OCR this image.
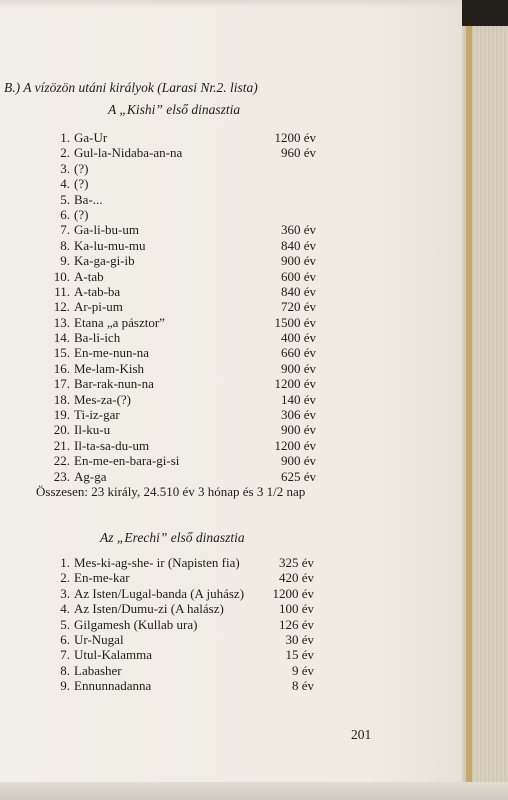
B.) A vízözön utáni királyok (Larasi Nr.2. lista)
A „Kishi” első dinasztia
1. Ga-Ur	1200 év
2. Gul-la-Nidaba-an-na	960 év
3. (?)
4. (?)
5. Ba-...
6. (?)
7. Ga-li-bu-um	360 év
8. Ka-lu-mu-mu	840 év
9. Ka-ga-gi-ib	900 év
10. A-tab	600 év
11. A-tab-ba	840 év
12. Ar-pi-um	720 év
13. Etana „a pásztor”	1500 év
14. Ba-li-ich	400 év
15. En-me-nun-na	660 év
16. Me-lam-Kish	900 év
17. Bar-rak-nun-na	1200 év
18. Mes-za-(?)	140 év
19. Ti-iz-gar	306 év
20. Il-ku-u	900 év
21. Il-ta-sa-du-um	1200 év
22. En-me-en-bara-gi-si	900 év
23. Ag-ga	625 év
Összesen: 23 király, 24.510 év 3 hónap és 3 1/2 nap
Az „Erechi” első dinasztia
1. Mes-ki-ag-she- ir (Napisten fia)	325 év
2. En-me-kar	420 év
3. Az Isten/Lugal-banda (A juhász)	1200 év
4. Az Isten/Dumu-zi (A halász)	100 év
5. Gilgamesh (Kullab ura)	126 év
6. Ur-Nugal	30 év
7. Utul-Kalamma	15 év
8. Labasher	9 év
9. Ennunnadanna	8 év
201
